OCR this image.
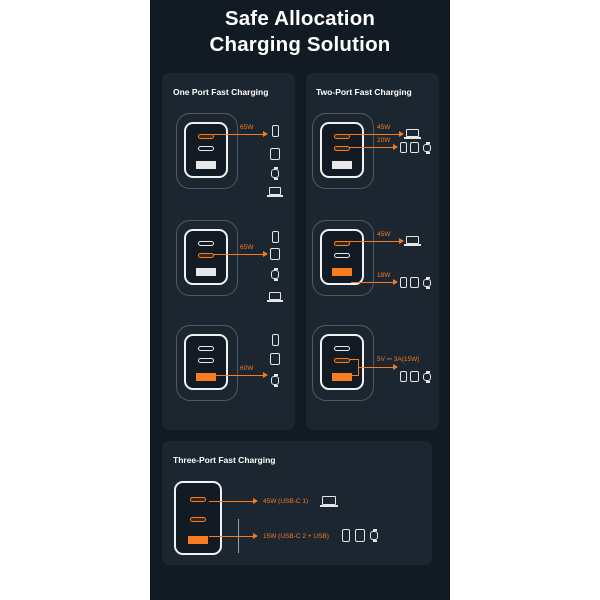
Safe Allocation
Charging Solution
One Port Fast Charging
65W
65W
60W
Two-Port Fast Charging
45W
20W
45W
18W
5V ⎓ 3A(15W)
Three-Port Fast Charging
45W (USB-C 1)
15W (USB-C 2 + USB)
